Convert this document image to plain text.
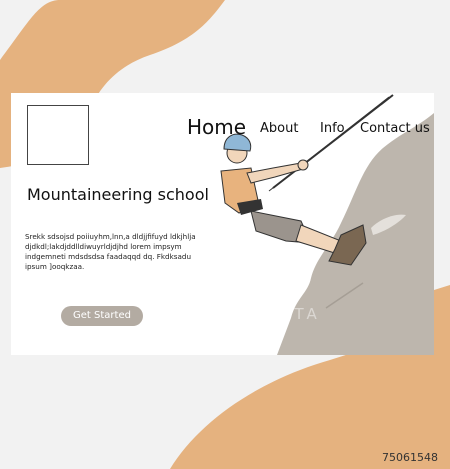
Home About Info Contact us
Mountaineering school

Srekk sdsojsd poiiuyhm,lnn,a dldjjfifuyd ldkjhlja djdkdl;lakdjddlldiwuyrldjdjhd lorem impsym indgemneti mdsdsdsa faadaqqd dq. Fkdksadu ipsum ]ooqkzaa.

Get Started	PIXTA
75061548
